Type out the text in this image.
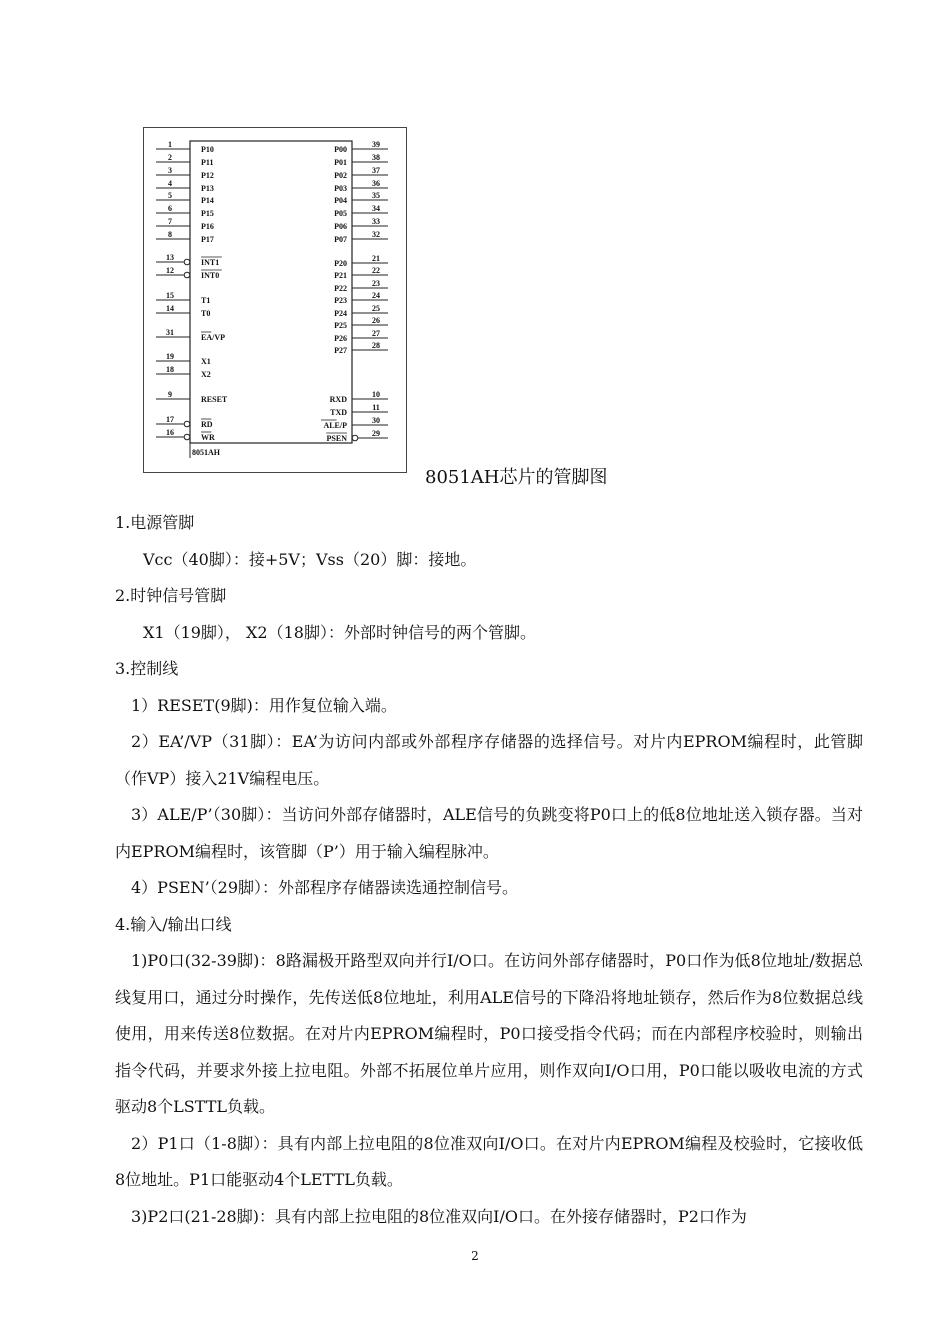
1
P10
2
P11
3
P12
4
P13
5
P14
6
P15
7
P16
8
P17
13
INT1
12
INT0
15
T1
14
T0
31
EA/VP
19
X1
18
X2
9
RESET
17
RD
16
WR
39
P00
38
P01
37
P02
36
P03
35
P04
34
P05
33
P06
32
P07
21
P20
22
P21
23
P22
24
P23
25
P24
26
P25
27
P26
28
P27
10
RXD
11
TXD
30
ALE/P
29
PSEN
8051AH
8051AH芯片的管脚图

1.电源管脚

Vcc（40脚）：接+5V；Vss（20）脚：接地。

2.时钟信号管脚

X1（19脚）， X2（18脚）：外部时钟信号的两个管脚。

3.控制线

1）RESET(9脚)：用作复位输入端。

2）EA’/VP（31脚）：EA’为访问内部或外部程序存储器的选择信号。对片内EPROM编程时，此管脚（作VP）接入21V编程电压。

3）ALE/P’（30脚）：当访问外部存储器时，ALE信号的负跳变将P0口上的低8位地址送入锁存器。当对内EPROM编程时，该管脚（P’）用于输入编程脉冲。

4）PSEN’（29脚）：外部程序存储器读选通控制信号。

4.输入/输出口线

1)P0口(32-39脚)：8路漏极开路型双向并行I/O口。在访问外部存储器时，P0口作为低8位地址/数据总线复用口，通过分时操作，先传送低8位地址，利用ALE信号的下降沿将地址锁存，然后作为8位数据总线使用，用来传送8位数据。在对片内EPROM编程时，P0口接受指令代码；而在内部程序校验时，则输出指令代码，并要求外接上拉电阻。外部不拓展位单片应用，则作双向I/O口用，P0口能以吸收电流的方式驱动8个LSTTL负载。

2）P1口（1-8脚）：具有内部上拉电阻的8位准双向I/O口。在对片内EPROM编程及校验时，它接收低8位地址。P1口能驱动4个LETTL负载。

3)P2口(21-28脚)：具有内部上拉电阻的8位准双向I/O口。在外接存储器时，P2口作为

2
